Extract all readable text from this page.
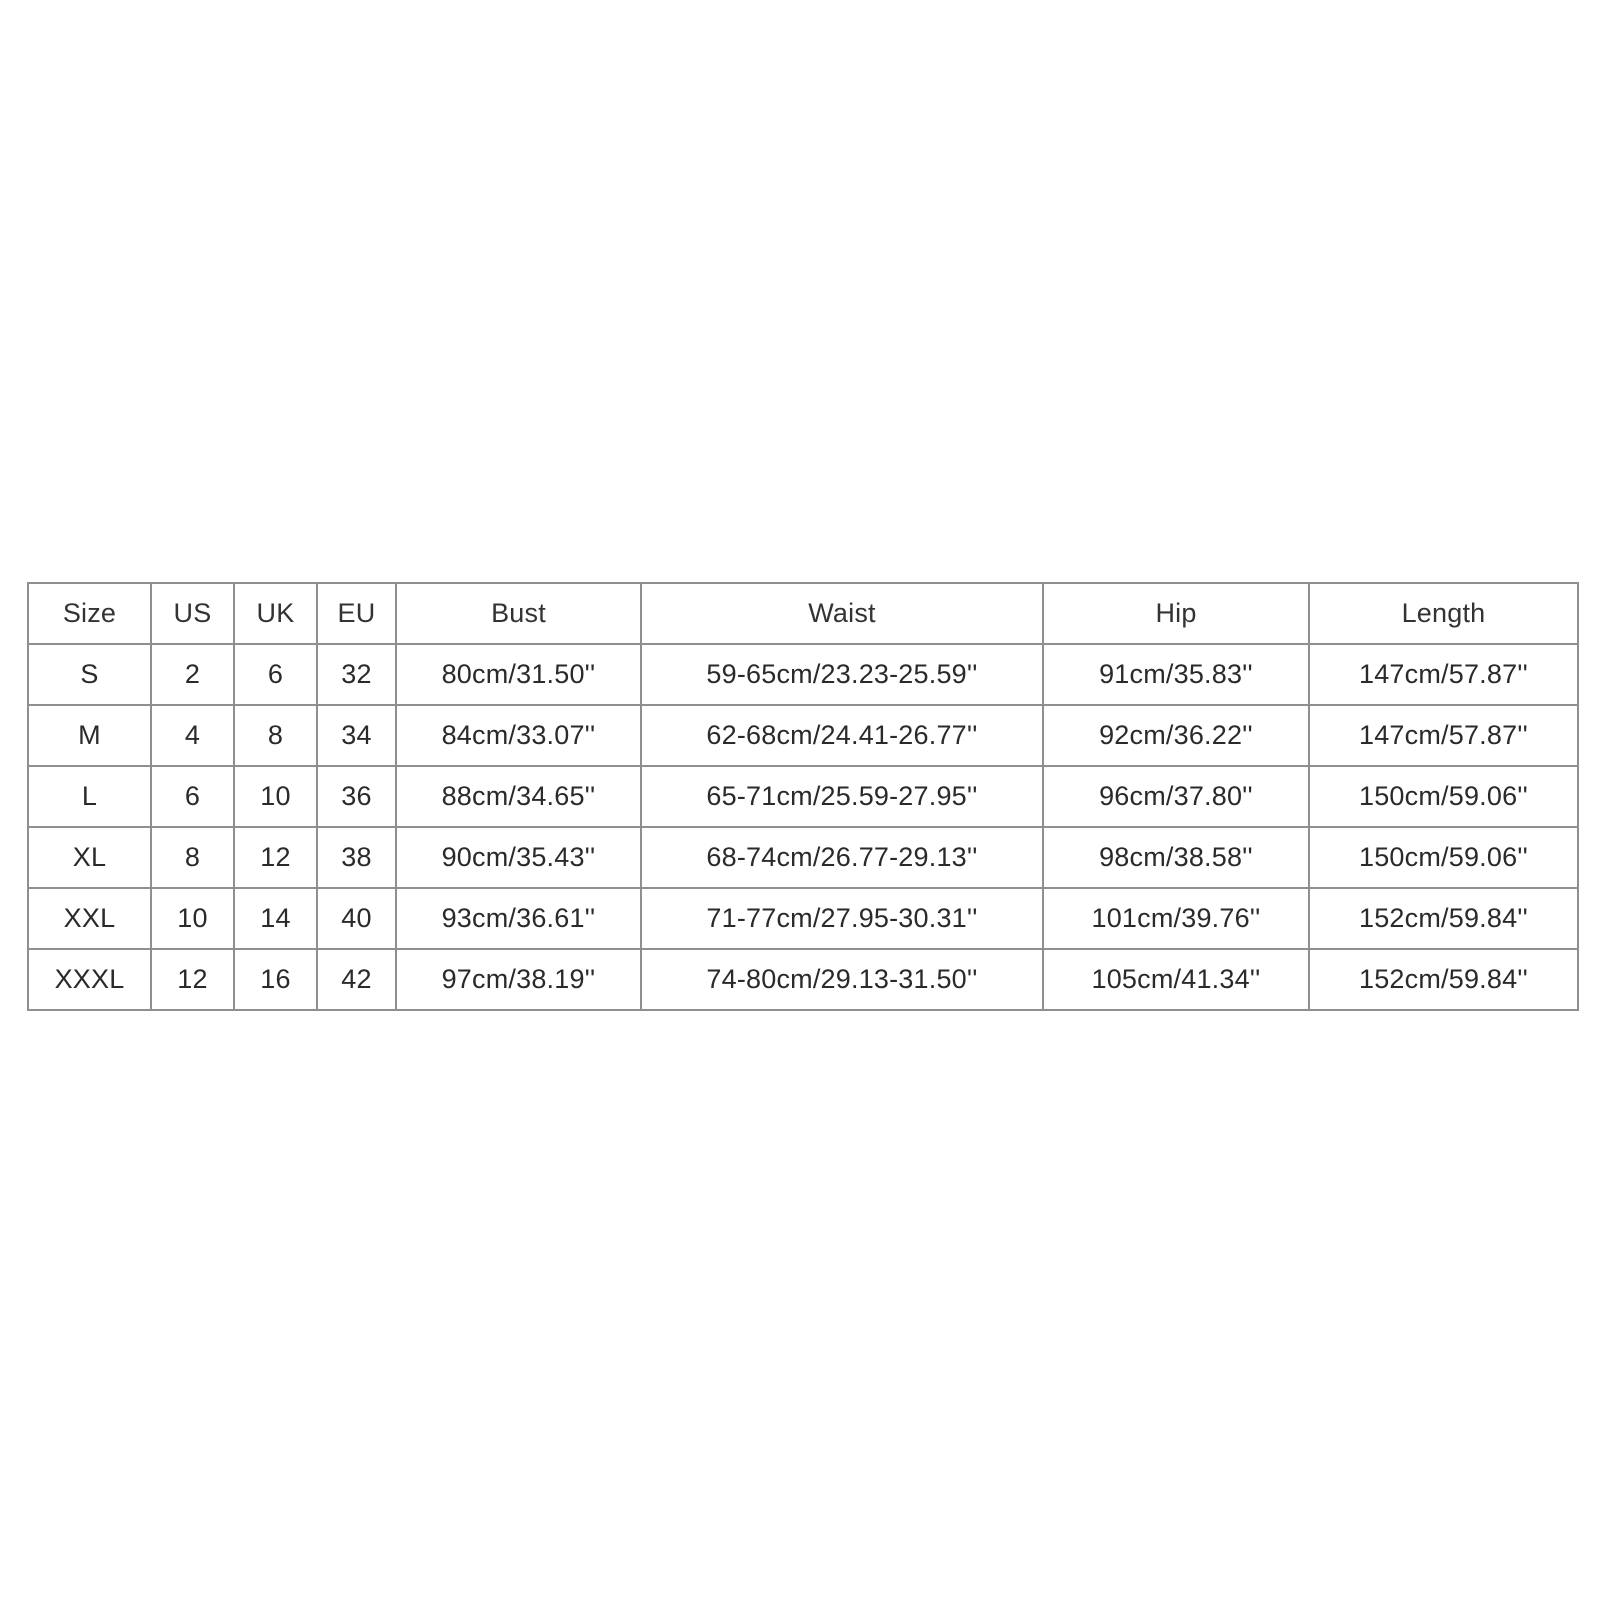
Size	US	UK	EU	Bust	Waist	Hip	Length
S	2	6	32	80cm/31.50''	59-65cm/23.23-25.59''	91cm/35.83''	147cm/57.87''
M	4	8	34	84cm/33.07''	62-68cm/24.41-26.77''	92cm/36.22''	147cm/57.87''
L	6	10	36	88cm/34.65''	65-71cm/25.59-27.95''	96cm/37.80''	150cm/59.06''
XL	8	12	38	90cm/35.43''	68-74cm/26.77-29.13''	98cm/38.58''	150cm/59.06''
XXL	10	14	40	93cm/36.61''	71-77cm/27.95-30.31''	101cm/39.76''	152cm/59.84''
XXXL	12	16	42	97cm/38.19''	74-80cm/29.13-31.50''	105cm/41.34''	152cm/59.84''
